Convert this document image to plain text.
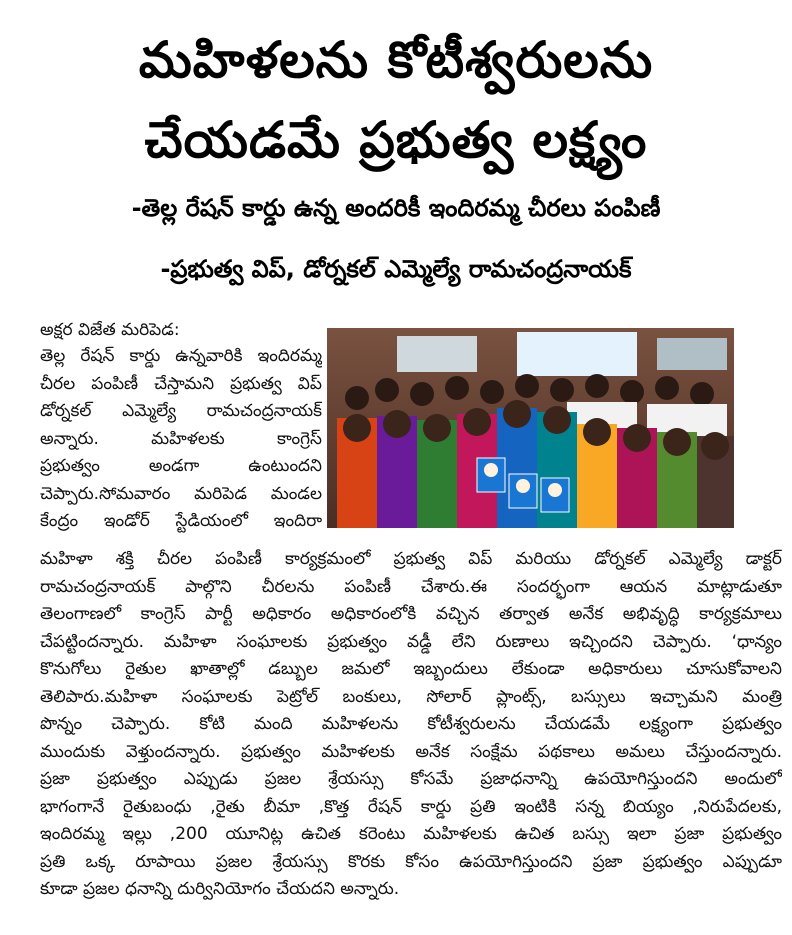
మహిళలను కోటీశ్వరులను
చేయడమే ప్రభుత్వ లక్ష్యం
-తెల్ల రేషన్ కార్డు ఉన్న అందరికీ ఇందిరమ్మ చీరలు పంపిణీ
-ప్రభుత్వ విప్, డోర్నకల్ ఎమ్మెల్యే రామచంద్రనాయక్
అక్షర విజేత మరిపెడ:
తెల్ల రేషన్ కార్డు ఉన్నవారికి ఇందిరమ్మ
చీరల పంపిణీ చేస్తామని ప్రభుత్వ విప్
డోర్నకల్ ఎమ్మెల్యే రామచంద్రనాయక్
అన్నారు. మహిళలకు కాంగ్రెస్
ప్రభుత్వం అండగా ఉంటుందని
చెప్పారు.సోమవారం మరిపెడ మండల
కేంద్రం ఇండోర్ స్టేడియంలో ఇందిరా
మహిళా శక్తి చీరల పంపిణీ కార్యక్రమంలో ప్రభుత్వ విప్ మరియు డోర్నకల్ ఎమ్మెల్యే డాక్టర్
రామచంద్రనాయక్ పాల్గొని చీరలను పంపిణీ చేశారు.ఈ సందర్భంగా ఆయన మాట్లాడుతూ
తెలంగాణలో కాంగ్రెస్ పార్టీ అధికారం అధికారంలోకి వచ్చిన తర్వాత అనేక అభివృద్ధి కార్యక్రమాలు
చేపట్టిందన్నారు. మహిళా సంఘాలకు ప్రభుత్వం వడ్డీ లేని రుణాలు ఇచ్చిందని చెప్పారు. ‘ధాన్యం
కొనుగోలు రైతుల ఖాతాల్లో డబ్బుల జమలో ఇబ్బందులు లేకుండా అధికారులు చూసుకోవాలని
తెలిపారు.మహిళా సంఘాలకు పెట్రోల్ బంకులు, సోలార్ ప్లాంట్స్, బస్సులు ఇచ్చామని మంత్రి
పొన్నం చెప్పారు. కోటి మంది మహిళలను కోటీశ్వరులను చేయడమే లక్ష్యంగా ప్రభుత్వం
ముందుకు వెళ్తుందన్నారు. ప్రభుత్వం మహిళలకు అనేక సంక్షేమ పథకాలు అమలు చేస్తుందన్నారు.
ప్రజా ప్రభుత్వం ఎప్పుడు ప్రజల శ్రేయస్సు కోసమే ప్రజాధనాన్ని ఉపయోగిస్తుందని అందులో
భాగంగానే రైతుబంధు ,రైతు బీమా ,కొత్త రేషన్ కార్డు ప్రతి ఇంటికి సన్న బియ్యం ,నిరుపేదలకు,
ఇందిరమ్మ ఇల్లు ,200 యూనిట్ల ఉచిత కరెంటు మహిళలకు ఉచిత బస్సు ఇలా ప్రజా ప్రభుత్వం
ప్రతి ఒక్క రూపాయి ప్రజల శ్రేయస్సు కొరకు కోసం ఉపయోగిస్తుందని ప్రజా ప్రభుత్వం ఎప్పుడూ
కూడా ప్రజల ధనాన్ని దుర్వినియోగం చేయదని అన్నారు.
